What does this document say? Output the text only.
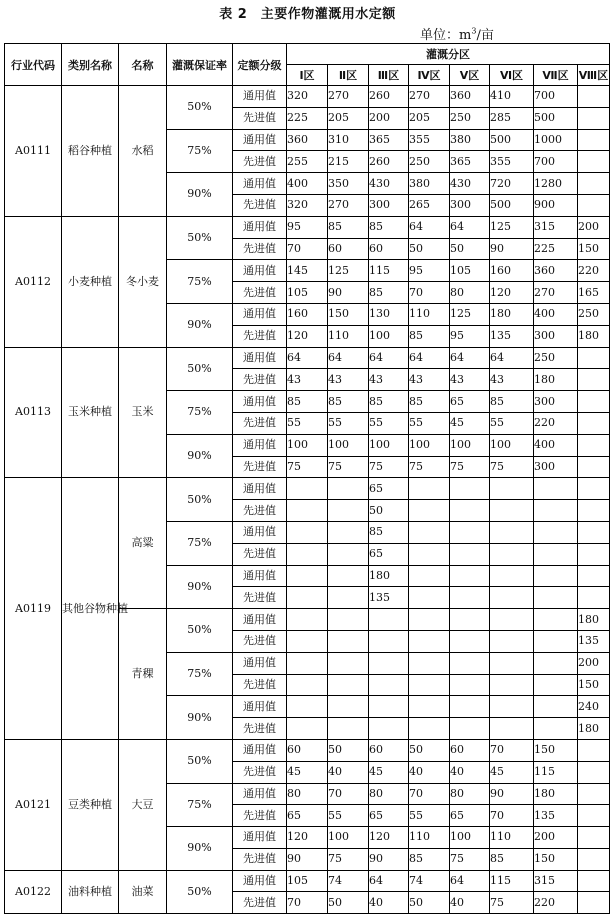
表 2　主要作物灌溉用水定额
单位：$m^3/$亩
行业代码	类别名称	名称	灌溉保证率	定额分级	灌溉分区							
					Ⅰ区	Ⅱ区	Ⅲ区	Ⅳ区	Ⅴ区	Ⅵ区	Ⅶ区	Ⅷ区
A0111	稻谷种植	水稻	50%	通用值	320	270	260	270	360	410	700	
				先进值	225	205	200	205	250	285	500	
			75%	通用值	360	310	365	355	380	500	1000	
				先进值	255	215	260	250	365	355	700	
			90%	通用值	400	350	430	380	430	720	1280	
				先进值	320	270	300	265	300	500	900	
A0112	小麦种植	冬小麦	50%	通用值	95	85	85	64	64	125	315	200
				先进值	70	60	60	50	50	90	225	150
			75%	通用值	145	125	115	95	105	160	360	220
				先进值	105	90	85	70	80	120	270	165
			90%	通用值	160	150	130	110	125	180	400	250
				先进值	120	110	100	85	95	135	300	180
A0113	玉米种植	玉米	50%	通用值	64	64	64	64	64	64	250	
				先进值	43	43	43	43	43	43	180	
			75%	通用值	85	85	85	85	65	85	300	
				先进值	55	55	55	55	45	55	220	
			90%	通用值	100	100	100	100	100	100	400	
				先进值	75	75	75	75	75	75	300	
A0119	其他谷物种植	高粱	50%	通用值			65					
				先进值			50					
			75%	通用值			85					
				先进值			65					
			90%	通用值			180					
				先进值			135					
		青稞	50%	通用值								180
				先进值								135
			75%	通用值								200
				先进值								150
			90%	通用值								240
				先进值								180
A0121	豆类种植	大豆	50%	通用值	60	50	60	50	60	70	150	
				先进值	45	40	45	40	40	45	115	
			75%	通用值	80	70	80	70	80	90	180	
				先进值	65	55	65	55	65	70	135	
			90%	通用值	120	100	120	110	100	110	200	
				先进值	90	75	90	85	75	85	150	
A0122	油料种植	油菜	50%	通用值	105	74	64	74	64	115	315	
				先进值	70	50	40	50	40	75	220	
